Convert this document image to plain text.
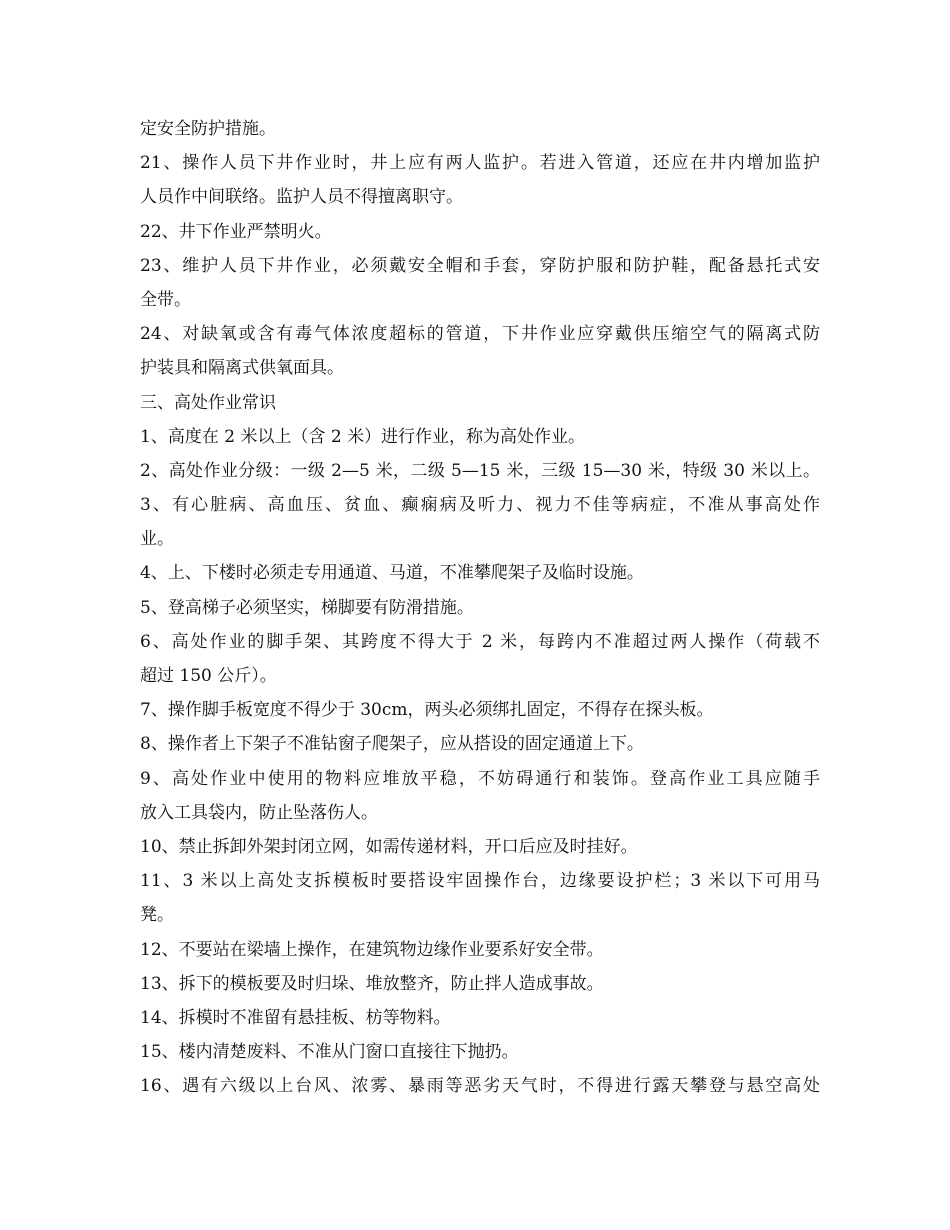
定安全防护措施。
21、操作人员下井作业时，井上应有两人监护。若进入管道，还应在井内增加监护
人员作中间联络。监护人员不得擅离职守。
22、井下作业严禁明火。
23、维护人员下井作业，必须戴安全帽和手套，穿防护服和防护鞋，配备悬托式安
全带。
24、对缺氧或含有毒气体浓度超标的管道，下井作业应穿戴供压缩空气的隔离式防
护装具和隔离式供氧面具。
三、高处作业常识
1、高度在 2 米以上（含 2 米）进行作业，称为高处作业。
2、高处作业分级：一级 2—5 米，二级 5—15 米，三级 15—30 米，特级 30 米以上。
3、有心脏病、高血压、贫血、癫痫病及听力、视力不佳等病症，不准从事高处作
业。
4、上、下楼时必须走专用通道、马道，不准攀爬架子及临时设施。
5、登高梯子必须坚实，梯脚要有防滑措施。
6、高处作业的脚手架、其跨度不得大于 2 米，每跨内不准超过两人操作（荷载不
超过 150 公斤）。
7、操作脚手板宽度不得少于 30cm，两头必须绑扎固定，不得存在探头板。
8、操作者上下架子不准钻窗子爬架子，应从搭设的固定通道上下。
9、高处作业中使用的物料应堆放平稳，不妨碍通行和装饰。登高作业工具应随手
放入工具袋内，防止坠落伤人。
10、禁止拆卸外架封闭立网，如需传递材料，开口后应及时挂好。
11、3 米以上高处支拆模板时要搭设牢固操作台，边缘要设护栏；3 米以下可用马
凳。
12、不要站在梁墙上操作，在建筑物边缘作业要系好安全带。
13、拆下的模板要及时归垛、堆放整齐，防止拌人造成事故。
14、拆模时不准留有悬挂板、枋等物料。
15、楼内清楚废料、不准从门窗口直接往下抛扔。
16、遇有六级以上台风、浓雾、暴雨等恶劣天气时，不得进行露天攀登与悬空高处
